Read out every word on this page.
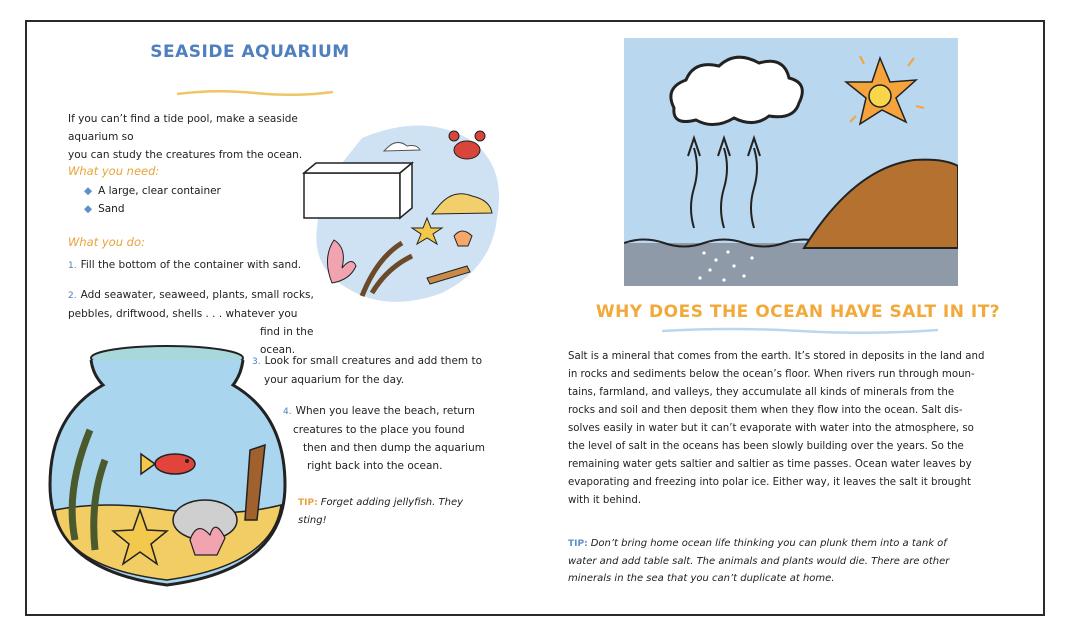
SEASIDE AQUARIUM
If you can’t find a tide pool, make a seaside aquarium so
you can study the creatures from the ocean.
What you need:
◆ A large, clear container
◆ Sand
What you do:
1. Fill the bottom of the container with sand.
2. Add seawater, seaweed, plants, small rocks,
pebbles, driftwood, shells . . . whatever you
find in the ocean.
3. Look for small creatures and add them to
your aquarium for the day.
4. When you leave the beach, return
creatures to the place you found
then and then dump the aquarium
right back into the ocean.
TIP: Forget adding jellyfish. They
sting!
WHY DOES THE OCEAN HAVE SALT IN IT?
Salt is a mineral that comes from the earth. It’s stored in deposits in the land and
in rocks and sediments below the ocean’s floor. When rivers run through moun-
tains, farmland, and valleys, they accumulate all kinds of minerals from the
rocks and soil and then deposit them when they flow into the ocean. Salt dis-
solves easily in water but it can’t evaporate with water into the atmosphere, so
the level of salt in the oceans has been slowly building over the years. So the
remaining water gets saltier and saltier as time passes. Ocean water leaves by
evaporating and freezing into polar ice. Either way, it leaves the salt it brought
with it behind.
TIP: Don’t bring home ocean life thinking you can plunk them into a tank of
water and add table salt. The animals and plants would die. There are other
minerals in the sea that you can’t duplicate at home.
